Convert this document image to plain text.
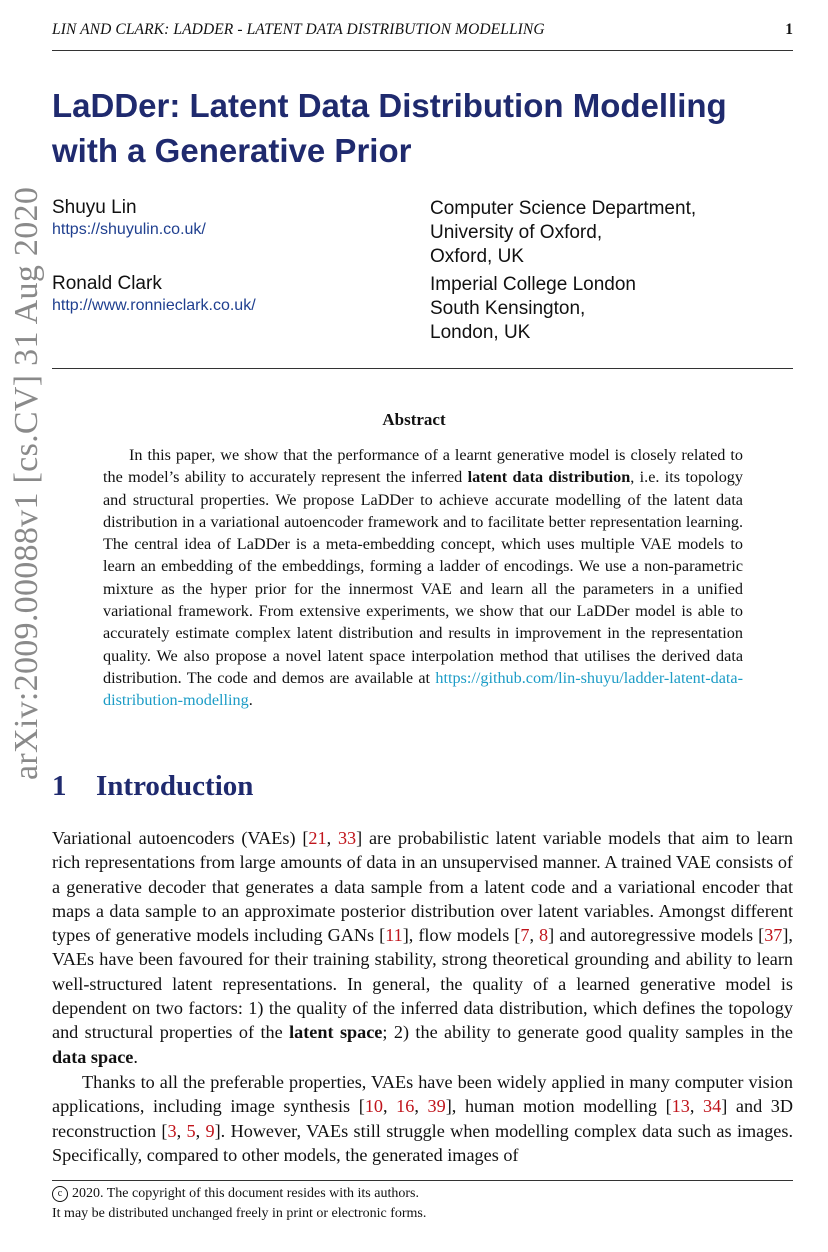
LIN AND CLARK: LADDER - LATENT DATA DISTRIBUTION MODELLING	1
arXiv:2009.00088v1 [cs.CV] 31 Aug 2020
LaDDer: Latent Data Distribution Modelling
with a Generative Prior
Shuyu Lin
https://shuyulin.co.uk/
Computer Science Department,
University of Oxford,
Oxford, UK
Ronald Clark
http://www.ronnieclark.co.uk/
Imperial College London
South Kensington,
London, UK
Abstract
In this paper, we show that the performance of a learnt generative model is closely related to the model’s ability to accurately represent the inferred latent data distribution, i.e. its topology and structural properties. We propose LaDDer to achieve accurate modelling of the latent data distribution in a variational autoencoder framework and to facilitate better representation learning. The central idea of LaDDer is a meta-embedding concept, which uses multiple VAE models to learn an embedding of the embeddings, forming a ladder of encodings. We use a non-parametric mixture as the hyper prior for the innermost VAE and learn all the parameters in a unified variational framework. From extensive experiments, we show that our LaDDer model is able to accurately estimate complex latent distribution and results in improvement in the representation quality. We also propose a novel latent space interpolation method that utilises the derived data distribution. The code and demos are available at https://github.com/lin-shuyu/ladder-latent-data-distribution-modelling.
1 Introduction
Variational autoencoders (VAEs) [21, 33] are probabilistic latent variable models that aim to learn rich representations from large amounts of data in an unsupervised manner. A trained VAE consists of a generative decoder that generates a data sample from a latent code and a variational encoder that maps a data sample to an approximate posterior distribution over latent variables. Amongst different types of generative models including GANs [11], flow models [7, 8] and autoregressive models [37], VAEs have been favoured for their training stability, strong theoretical grounding and ability to learn well-structured latent representations. In general, the quality of a learned generative model is dependent on two factors: 1) the quality of the inferred data distribution, which defines the topology and structural properties of the latent space; 2) the ability to generate good quality samples in the data space.
Thanks to all the preferable properties, VAEs have been widely applied in many computer vision applications, including image synthesis [10, 16, 39], human motion modelling [13, 34] and 3D reconstruction [3, 5, 9]. However, VAEs still struggle when modelling complex data such as images. Specifically, compared to other models, the generated images of
c 2020. The copyright of this document resides with its authors.
It may be distributed unchanged freely in print or electronic forms.
